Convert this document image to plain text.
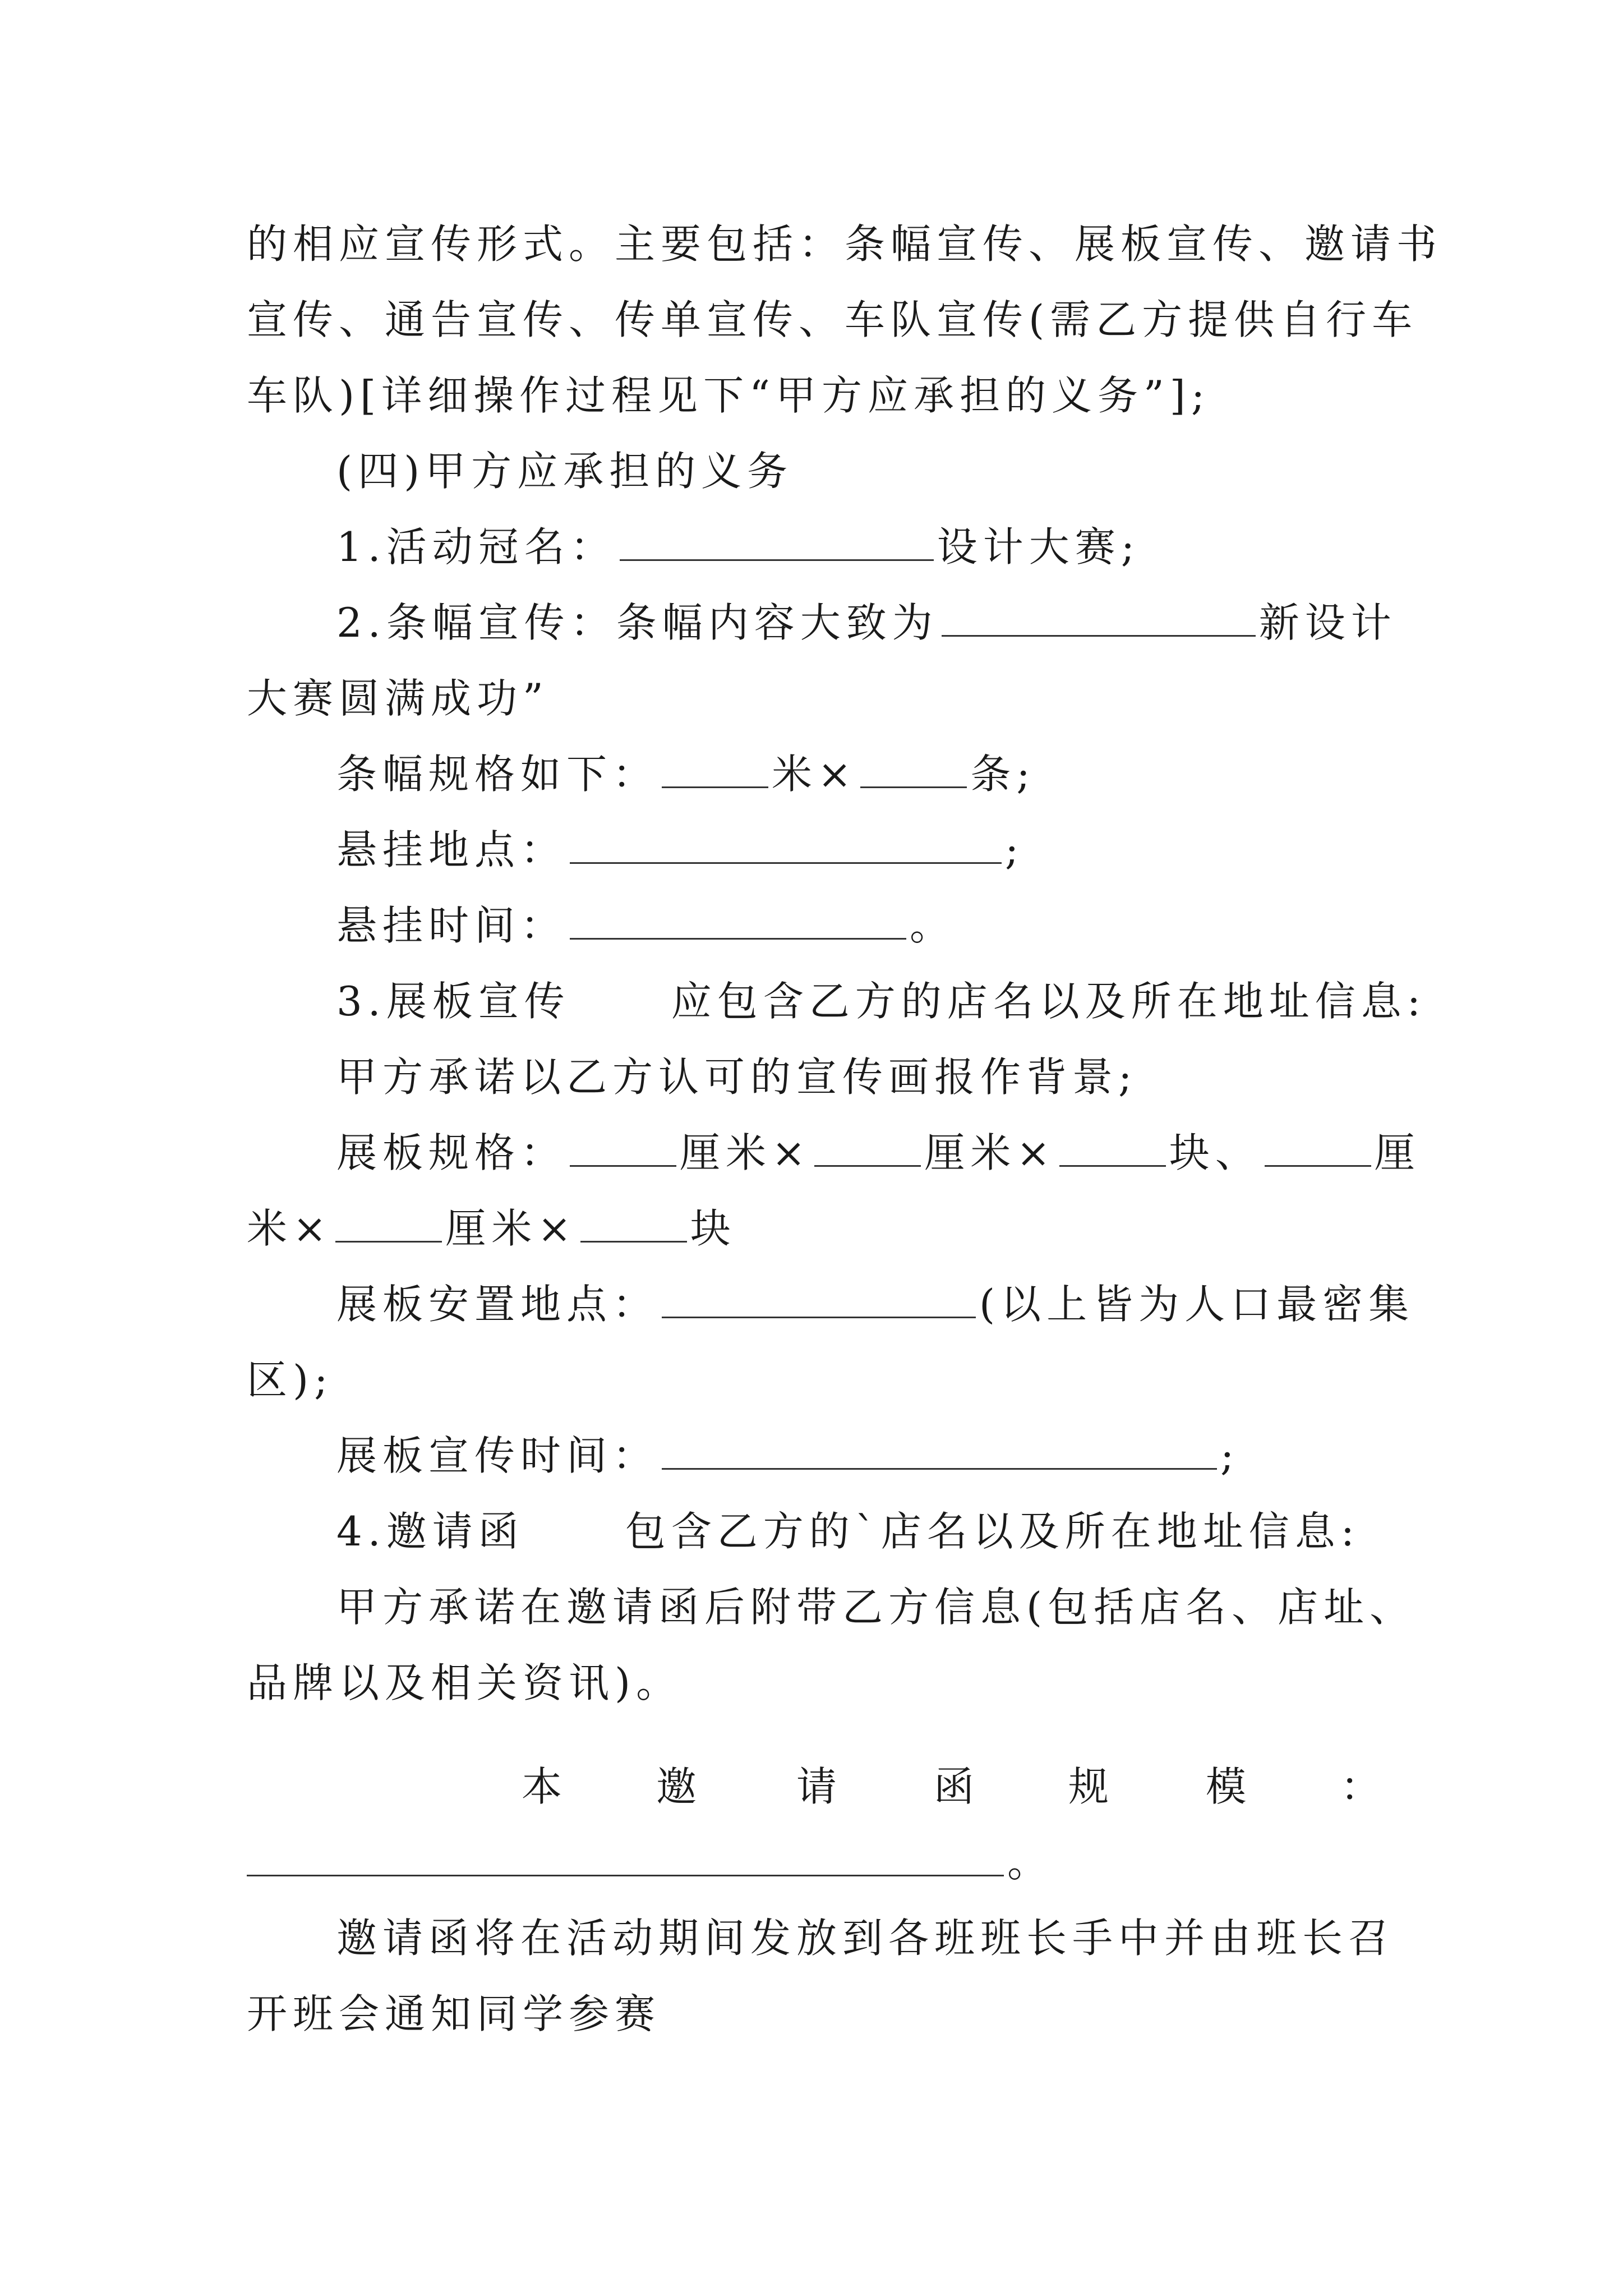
的相应宣传形式。主要包括：条幅宣传、展板宣传、邀请书
宣传、通告宣传、传单宣传、车队宣传(需乙方提供自行车
车队)[详细操作过程见下“甲方应承担的义务”];
(四)甲方应承担的义务
1.活动冠名：	设计大赛;
2.条幅宣传：条幅内容大致为	新设计
大赛圆满成功”
条幅规格如下：	米×	条;
悬挂地点：	;
悬挂时间：	。
3.展板宣传	应包含乙方的店名以及所在地址信息:
甲方承诺以乙方认可的宣传画报作背景;
展板规格：	厘米×	厘米×	块、	厘
米×	厘米×	块
展板安置地点：	(以上皆为人口最密集
区);
展板宣传时间：	;
4.邀请函	包含乙方的`店名以及所在地址信息:
甲方承诺在邀请函后附带乙方信息(包括店名、店址、
品牌以及相关资讯)。
本 邀 请 函 规 模 ：
。
邀请函将在活动期间发放到各班班长手中并由班长召
开班会通知同学参赛
